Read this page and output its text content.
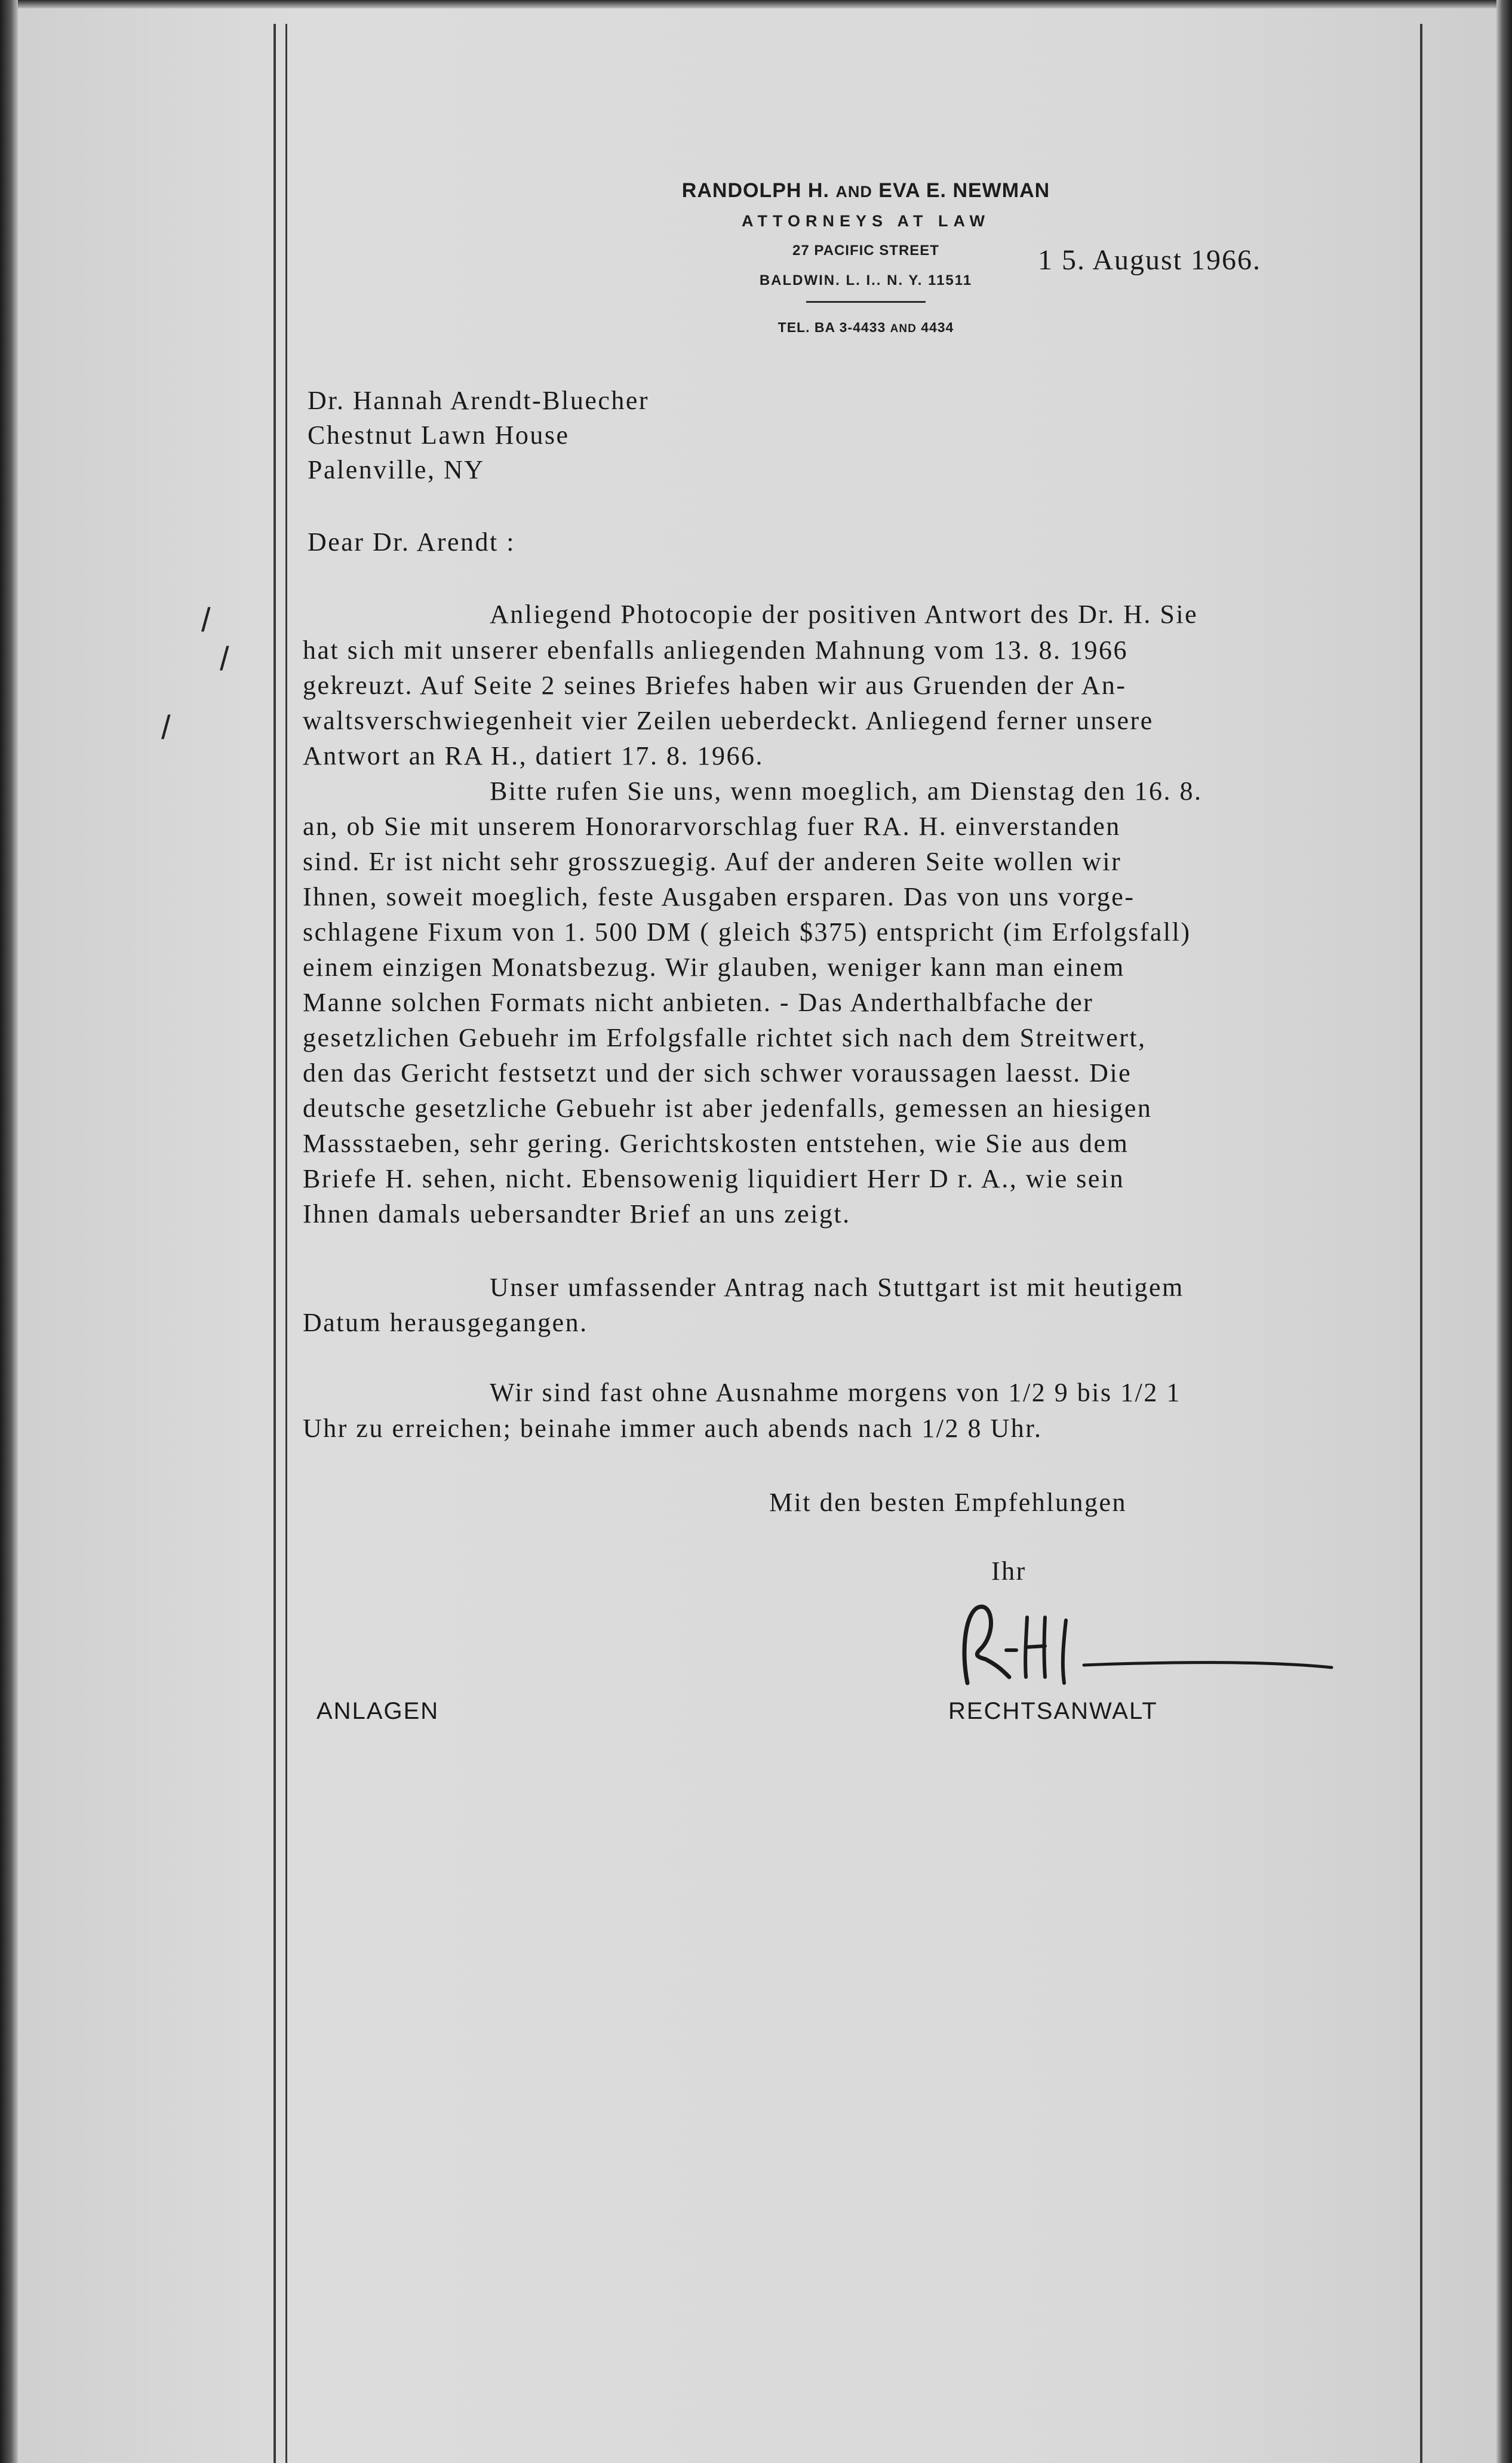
RANDOLPH H. AND EVA E. NEWMAN
ATTORNEYS AT LAW
27 PACIFIC STREET
BALDWIN. L. I.. N. Y. 11511
TEL. BA 3-4433 AND 4434
1 5. August 1966.
Dr. Hannah Arendt-Bluecher
Chestnut Lawn House
Palenville, NY
Dear Dr. Arendt :
/
/
/
Anliegend Photocopie der positiven Antwort des Dr. H. Sie
hat sich mit unserer ebenfalls anliegenden Mahnung vom 13. 8. 1966
gekreuzt. Auf Seite 2 seines Briefes haben wir aus Gruenden der An-
waltsverschwiegenheit vier Zeilen ueberdeckt. Anliegend ferner unsere
Antwort an RA H., datiert 17. 8. 1966.
Bitte rufen Sie uns, wenn moeglich, am Dienstag den 16. 8.
an, ob Sie mit unserem Honorarvorschlag fuer RA. H. einverstanden
sind. Er ist nicht sehr grosszuegig. Auf der anderen Seite wollen wir
Ihnen, soweit moeglich, feste Ausgaben ersparen. Das von uns vorge-
schlagene Fixum von 1. 500 DM ( gleich $375) entspricht (im Erfolgsfall)
einem einzigen Monatsbezug. Wir glauben, weniger kann man einem
Manne solchen Formats nicht anbieten. - Das Anderthalbfache der
gesetzlichen Gebuehr im Erfolgsfalle richtet sich nach dem Streitwert,
den das Gericht festsetzt und der sich schwer voraussagen laesst. Die
deutsche gesetzliche Gebuehr ist aber jedenfalls, gemessen an hiesigen
Massstaeben, sehr gering. Gerichtskosten entstehen, wie Sie aus dem
Briefe H. sehen, nicht. Ebensowenig liquidiert Herr D r. A., wie sein
Ihnen damals uebersandter Brief an uns zeigt.
Unser umfassender Antrag nach Stuttgart ist mit heutigem
Datum herausgegangen.
Wir sind fast ohne Ausnahme morgens von 1/2 9 bis 1/2 1
Uhr zu erreichen; beinahe immer auch abends nach 1/2 8 Uhr.
Mit den besten Empfehlungen
Ihr
ANLAGEN	RECHTSANWALT
